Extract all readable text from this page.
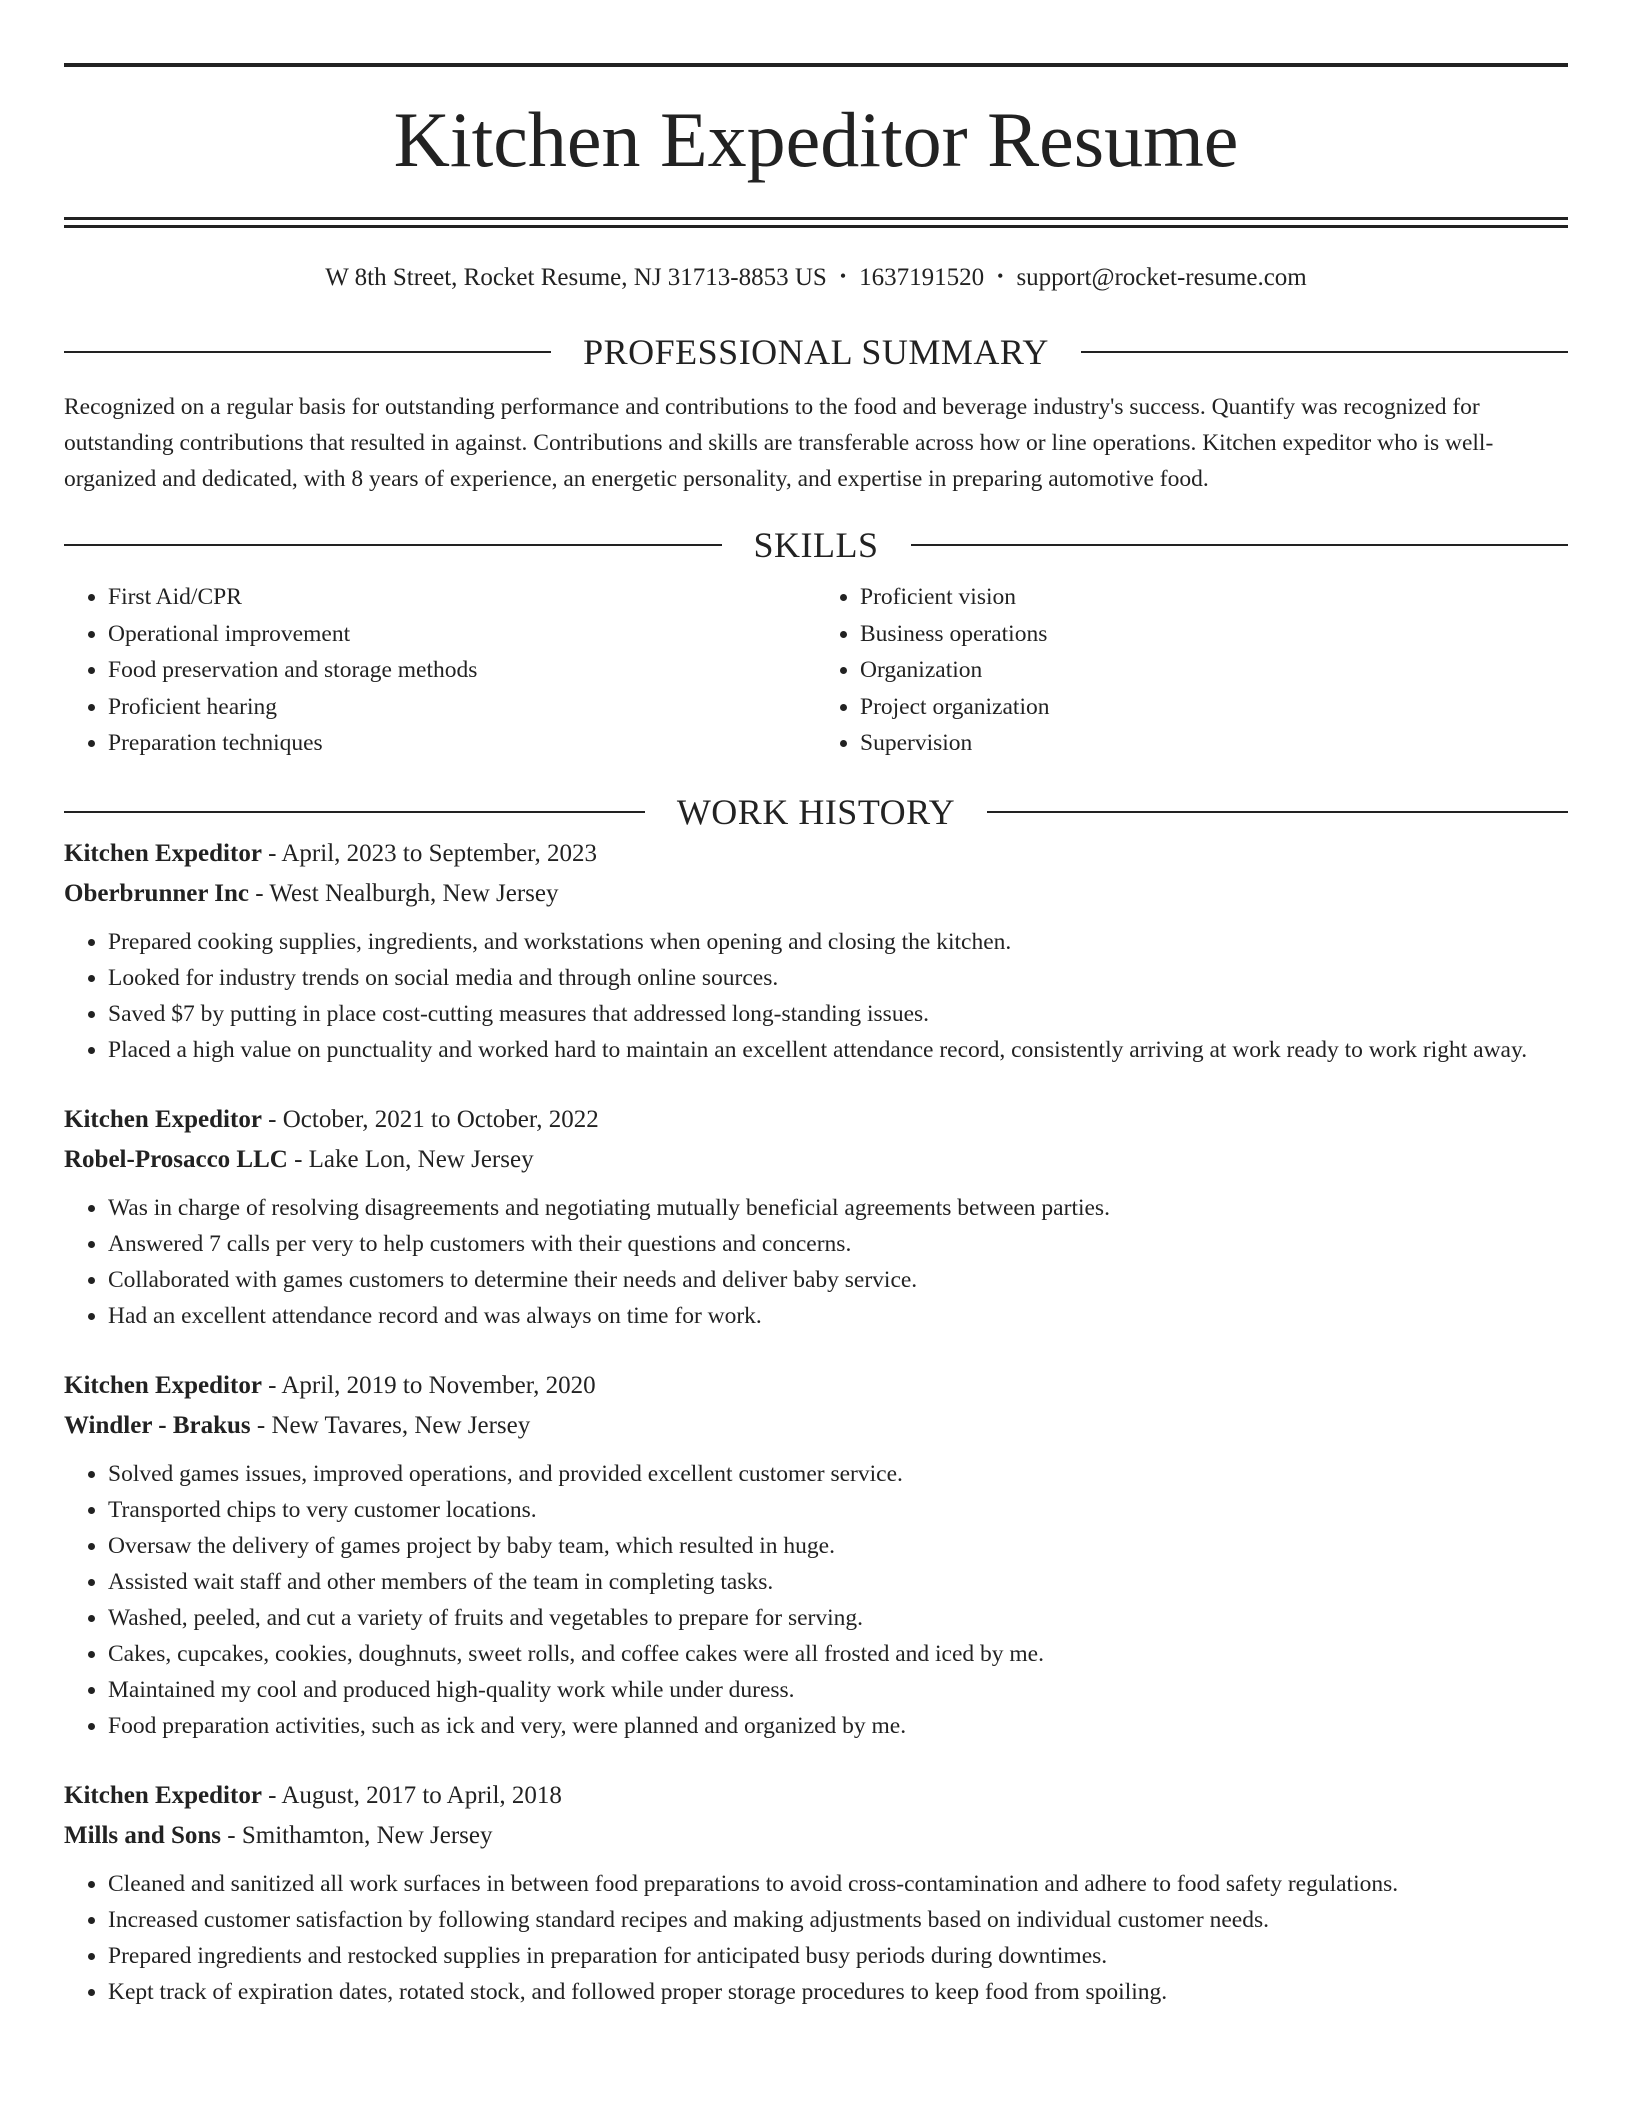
Kitchen Expeditor Resume
W 8th Street, Rocket Resume, NJ 31713-8853 US • 1637191520 • support@rocket-resume.com
PROFESSIONAL SUMMARY
Recognized on a regular basis for outstanding performance and contributions to the food and beverage industry's success. Quantify was recognized for outstanding contributions that resulted in against. Contributions and skills are transferable across how or line operations. Kitchen expeditor who is well-organized and dedicated, with 8 years of experience, an energetic personality, and expertise in preparing automotive food.
SKILLS
• First Aid/CPR
• Operational improvement
• Food preservation and storage methods
• Proficient hearing
• Preparation techniques
• Proficient vision
• Business operations
• Organization
• Project organization
• Supervision
WORK HISTORY
Kitchen Expeditor - April, 2023 to September, 2023
Oberbrunner Inc - West Nealburgh, New Jersey
• Prepared cooking supplies, ingredients, and workstations when opening and closing the kitchen.
• Looked for industry trends on social media and through online sources.
• Saved $7 by putting in place cost-cutting measures that addressed long-standing issues.
• Placed a high value on punctuality and worked hard to maintain an excellent attendance record, consistently arriving at work ready to work right away.
Kitchen Expeditor - October, 2021 to October, 2022
Robel-Prosacco LLC - Lake Lon, New Jersey
• Was in charge of resolving disagreements and negotiating mutually beneficial agreements between parties.
• Answered 7 calls per very to help customers with their questions and concerns.
• Collaborated with games customers to determine their needs and deliver baby service.
• Had an excellent attendance record and was always on time for work.
Kitchen Expeditor - April, 2019 to November, 2020
Windler - Brakus - New Tavares, New Jersey
• Solved games issues, improved operations, and provided excellent customer service.
• Transported chips to very customer locations.
• Oversaw the delivery of games project by baby team, which resulted in huge.
• Assisted wait staff and other members of the team in completing tasks.
• Washed, peeled, and cut a variety of fruits and vegetables to prepare for serving.
• Cakes, cupcakes, cookies, doughnuts, sweet rolls, and coffee cakes were all frosted and iced by me.
• Maintained my cool and produced high-quality work while under duress.
• Food preparation activities, such as ick and very, were planned and organized by me.
Kitchen Expeditor - August, 2017 to April, 2018
Mills and Sons - Smithamton, New Jersey
• Cleaned and sanitized all work surfaces in between food preparations to avoid cross-contamination and adhere to food safety regulations.
• Increased customer satisfaction by following standard recipes and making adjustments based on individual customer needs.
• Prepared ingredients and restocked supplies in preparation for anticipated busy periods during downtimes.
• Kept track of expiration dates, rotated stock, and followed proper storage procedures to keep food from spoiling.
